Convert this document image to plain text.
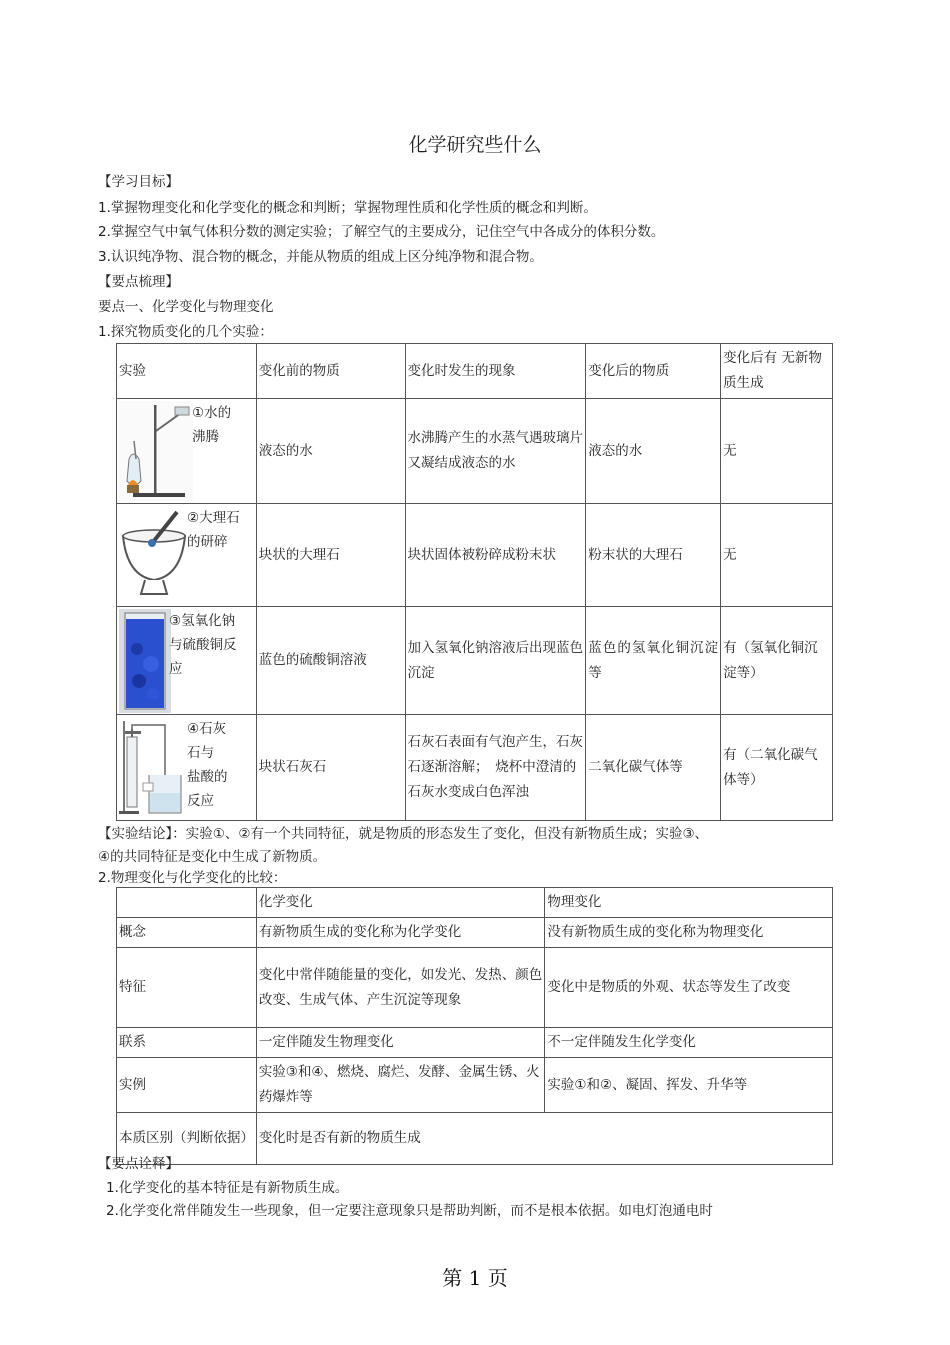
化学研究些什么
【学习目标】
1.掌握物理变化和化学变化的概念和判断；掌握物理性质和化学性质的概念和判断。
2.掌握空气中氧气体积分数的测定实验；了解空气的主要成分，记住空气中各成分的体积分数。
3.认识纯净物、混合物的概念，并能从物质的组成上区分纯净物和混合物。
【要点梳理】
要点一、化学变化与物理变化
1.探究物质变化的几个实验：
实验	变化前的物质	变化时发生的现象	变化后的物质	变化后有 无新物质生成

①水的
沸腾	液态的水	水沸腾产生的水蒸气遇玻璃片又凝结成液态的水	液态的水	无

②大理石
的研碎	块状的大理石	块状固体被粉碎成粉末状	粉末状的大理石	无

③氢氧化钠
与硫酸铜反
应	蓝色的硫酸铜溶液	加入氢氧化钠溶液后出现蓝色沉淀	蓝色的氢氧化铜沉淀等	有（氢氧化铜沉淀等）

④石灰
石与
盐酸的
反应	块状石灰石	石灰石表面有气泡产生，石灰石逐渐溶解；　烧杯中澄清的石灰水变成白色浑浊	二氧化碳气体等	有（二氧化碳气体等）
【实验结论】：实验①、②有一个共同特征，就是物质的形态发生了变化，但没有新物质生成；实验③、
④的共同特征是变化中生成了新物质。
2.物理变化与化学变化的比较：
	化学变化	物理变化
概念	有新物质生成的变化称为化学变化	没有新物质生成的变化称为物理变化
特征	变化中常伴随能量的变化，如发光、发热、颜色改变、生成气体、产生沉淀等现象	变化中是物质的外观、状态等发生了改变
联系	一定伴随发生物理变化	不一定伴随发生化学变化
实例	实验③和④、燃烧、腐烂、发酵、金属生锈、火药爆炸等	实验①和②、凝固、挥发、升华等
本质区别（判断依据）	变化时是否有新的物质生成	
【要点诠释】
1.化学变化的基本特征是有新物质生成。
2.化学变化常伴随发生一些现象，但一定要注意现象只是帮助判断，而不是根本依据。如电灯泡通电时
第 1 页
